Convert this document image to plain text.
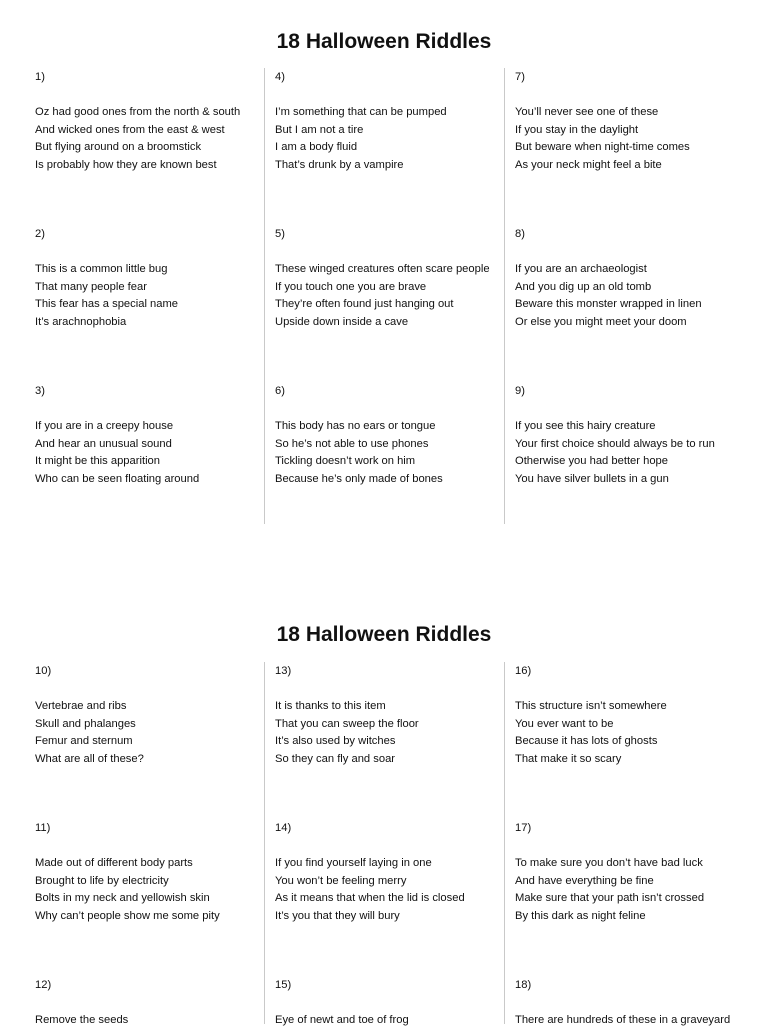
18 Halloween Riddles
18 Halloween Riddles
1)
Oz had good ones from the north & south
And wicked ones from the east & west
But flying around on a broomstick
Is probably how they are known best
2)
This is a common little bug
That many people fear
This fear has a special name
It’s arachnophobia
3)
If you are in a creepy house
And hear an unusual sound
It might be this apparition
Who can be seen floating around
4)
I’m something that can be pumped
But I am not a tire
I am a body fluid
That’s drunk by a vampire
5)
These winged creatures often scare people
If you touch one you are brave
They’re often found just hanging out
Upside down inside a cave
6)
This body has no ears or tongue
So he’s not able to use phones
Tickling doesn’t work on him
Because he’s only made of bones
7)
You’ll never see one of these
If you stay in the daylight
But beware when night-time comes
As your neck might feel a bite
8)
If you are an archaeologist
And you dig up an old tomb
Beware this monster wrapped in linen
Or else you might meet your doom
9)
If you see this hairy creature
Your first choice should always be to run
Otherwise you had better hope
You have silver bullets in a gun
10)
Vertebrae and ribs
Skull and phalanges
Femur and sternum
What are all of these?
11)
Made out of different body parts
Brought to life by electricity
Bolts in my neck and yellowish skin
Why can’t people show me some pity
12)
Remove the seeds
13)
It is thanks to this item
That you can sweep the floor
It’s also used by witches
So they can fly and soar
14)
If you find yourself laying in one
You won’t be feeling merry
As it means that when the lid is closed
It’s you that they will bury
15)
Eye of newt and toe of frog
16)
This structure isn’t somewhere
You ever want to be
Because it has lots of ghosts
That make it so scary
17)
To make sure you don’t have bad luck
And have everything be fine
Make sure that your path isn’t crossed
By this dark as night feline
18)
There are hundreds of these in a graveyard
